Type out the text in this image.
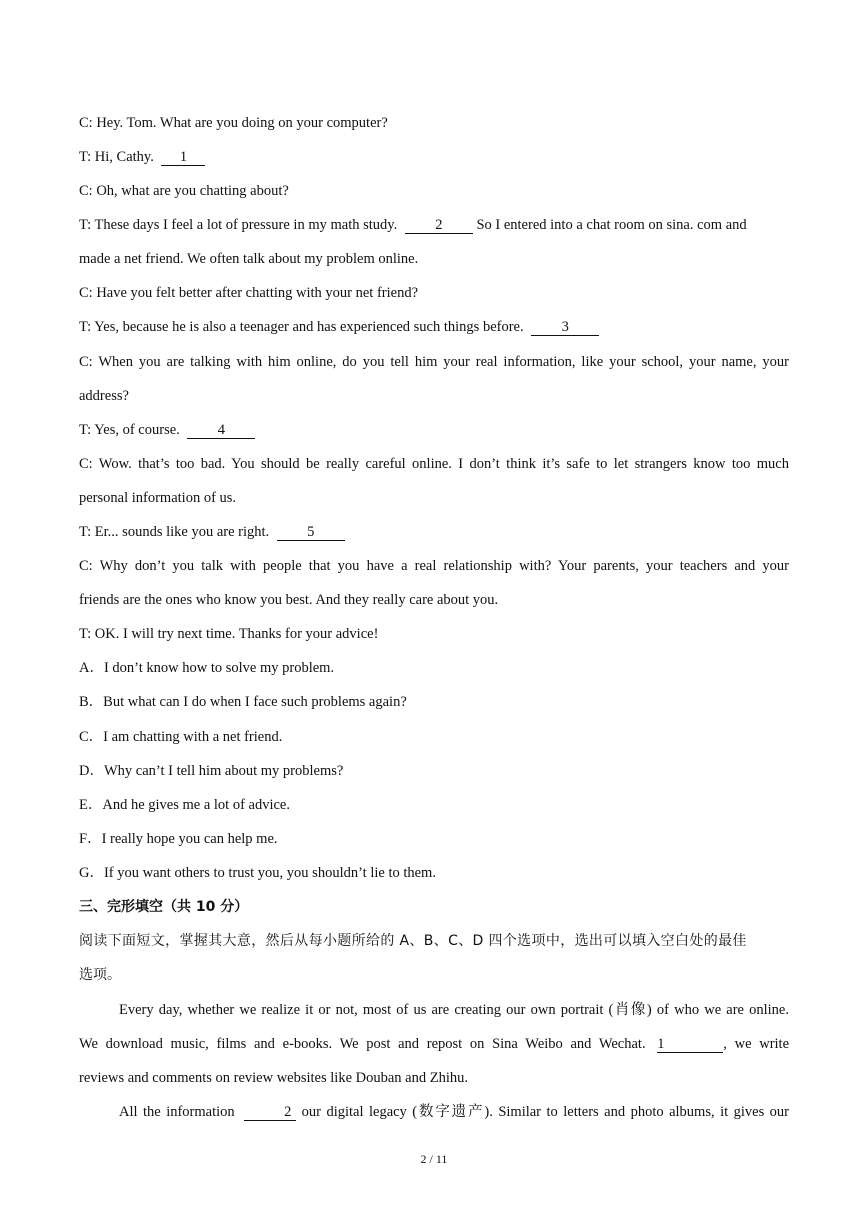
C: Hey. Tom. What are you doing on your computer?
T: Hi, Cathy. 1
C: Oh, what are you chatting about?
T: These days I feel a lot of pressure in my math study.	2 So I entered into a chat room on sina. com and
made a net friend. We often talk about my problem online.
C: Have you felt better after chatting with your net friend?
T: Yes, because he is also a teenager and has experienced such things before.	3
C: When you are talking with him online, do you tell him your real information, like your school, your name, your
address?
T: Yes, of course.	4
C: Wow. that’s too bad. You should be really careful online. I don’t think it’s safe to let strangers know too much
personal information of us.
T: Er... sounds like you are right.	5
C: Why don’t you talk with people that you have a real relationship with? Your parents, your teachers and your
friends are the ones who know you best. And they really care about you.
T: OK. I will try next time. Thanks for your advice!
A．I don’t know how to solve my problem.
B．But what can I do when I face such problems again?
C．I am chatting with a net friend.
D．Why can’t I tell him about my problems?
E．And he gives me a lot of advice.
F．I really hope you can help me.
G．If you want others to trust you, you shouldn’t lie to them.
三、完形填空（共 10 分）
阅读下面短文，掌握其大意，然后从每小题所给的 A、B、C、D 四个选项中，选出可以填入空白处的最佳
选项。
Every day, whether we realize it or not, most of us are creating our own portrait (肖像) of who we are online.
We download music, films and e-books. We post and repost on Sina Weibo and Wechat. 1	, we write
reviews and comments on review websites like Douban and Zhihu.
All the information	2 our digital legacy (数字遗产). Similar to letters and photo albums, it gives our
2 / 11
